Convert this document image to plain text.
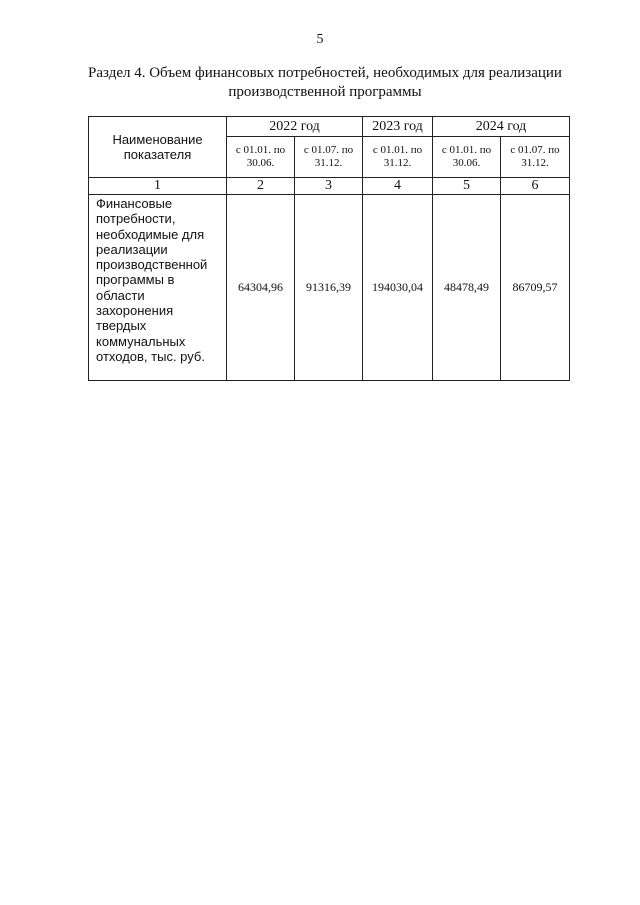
5
Раздел 4. Объем финансовых потребностей, необходимых для реализации производственной программы
Наименование показателя	2022 год		2023 год	2024 год	
	с 01.01. по 30.06.	с 01.07. по 31.12.	с 01.01. по 31.12.	с 01.01. по 30.06.	с 01.07. по 31.12.
1	2	3	4	5	6
Финансовые потребности, необходимые для реализации производственной программы в области захоронения твердых коммунальных отходов, тыс. руб.	64304,96	91316,39	194030,04	48478,49	86709,57
